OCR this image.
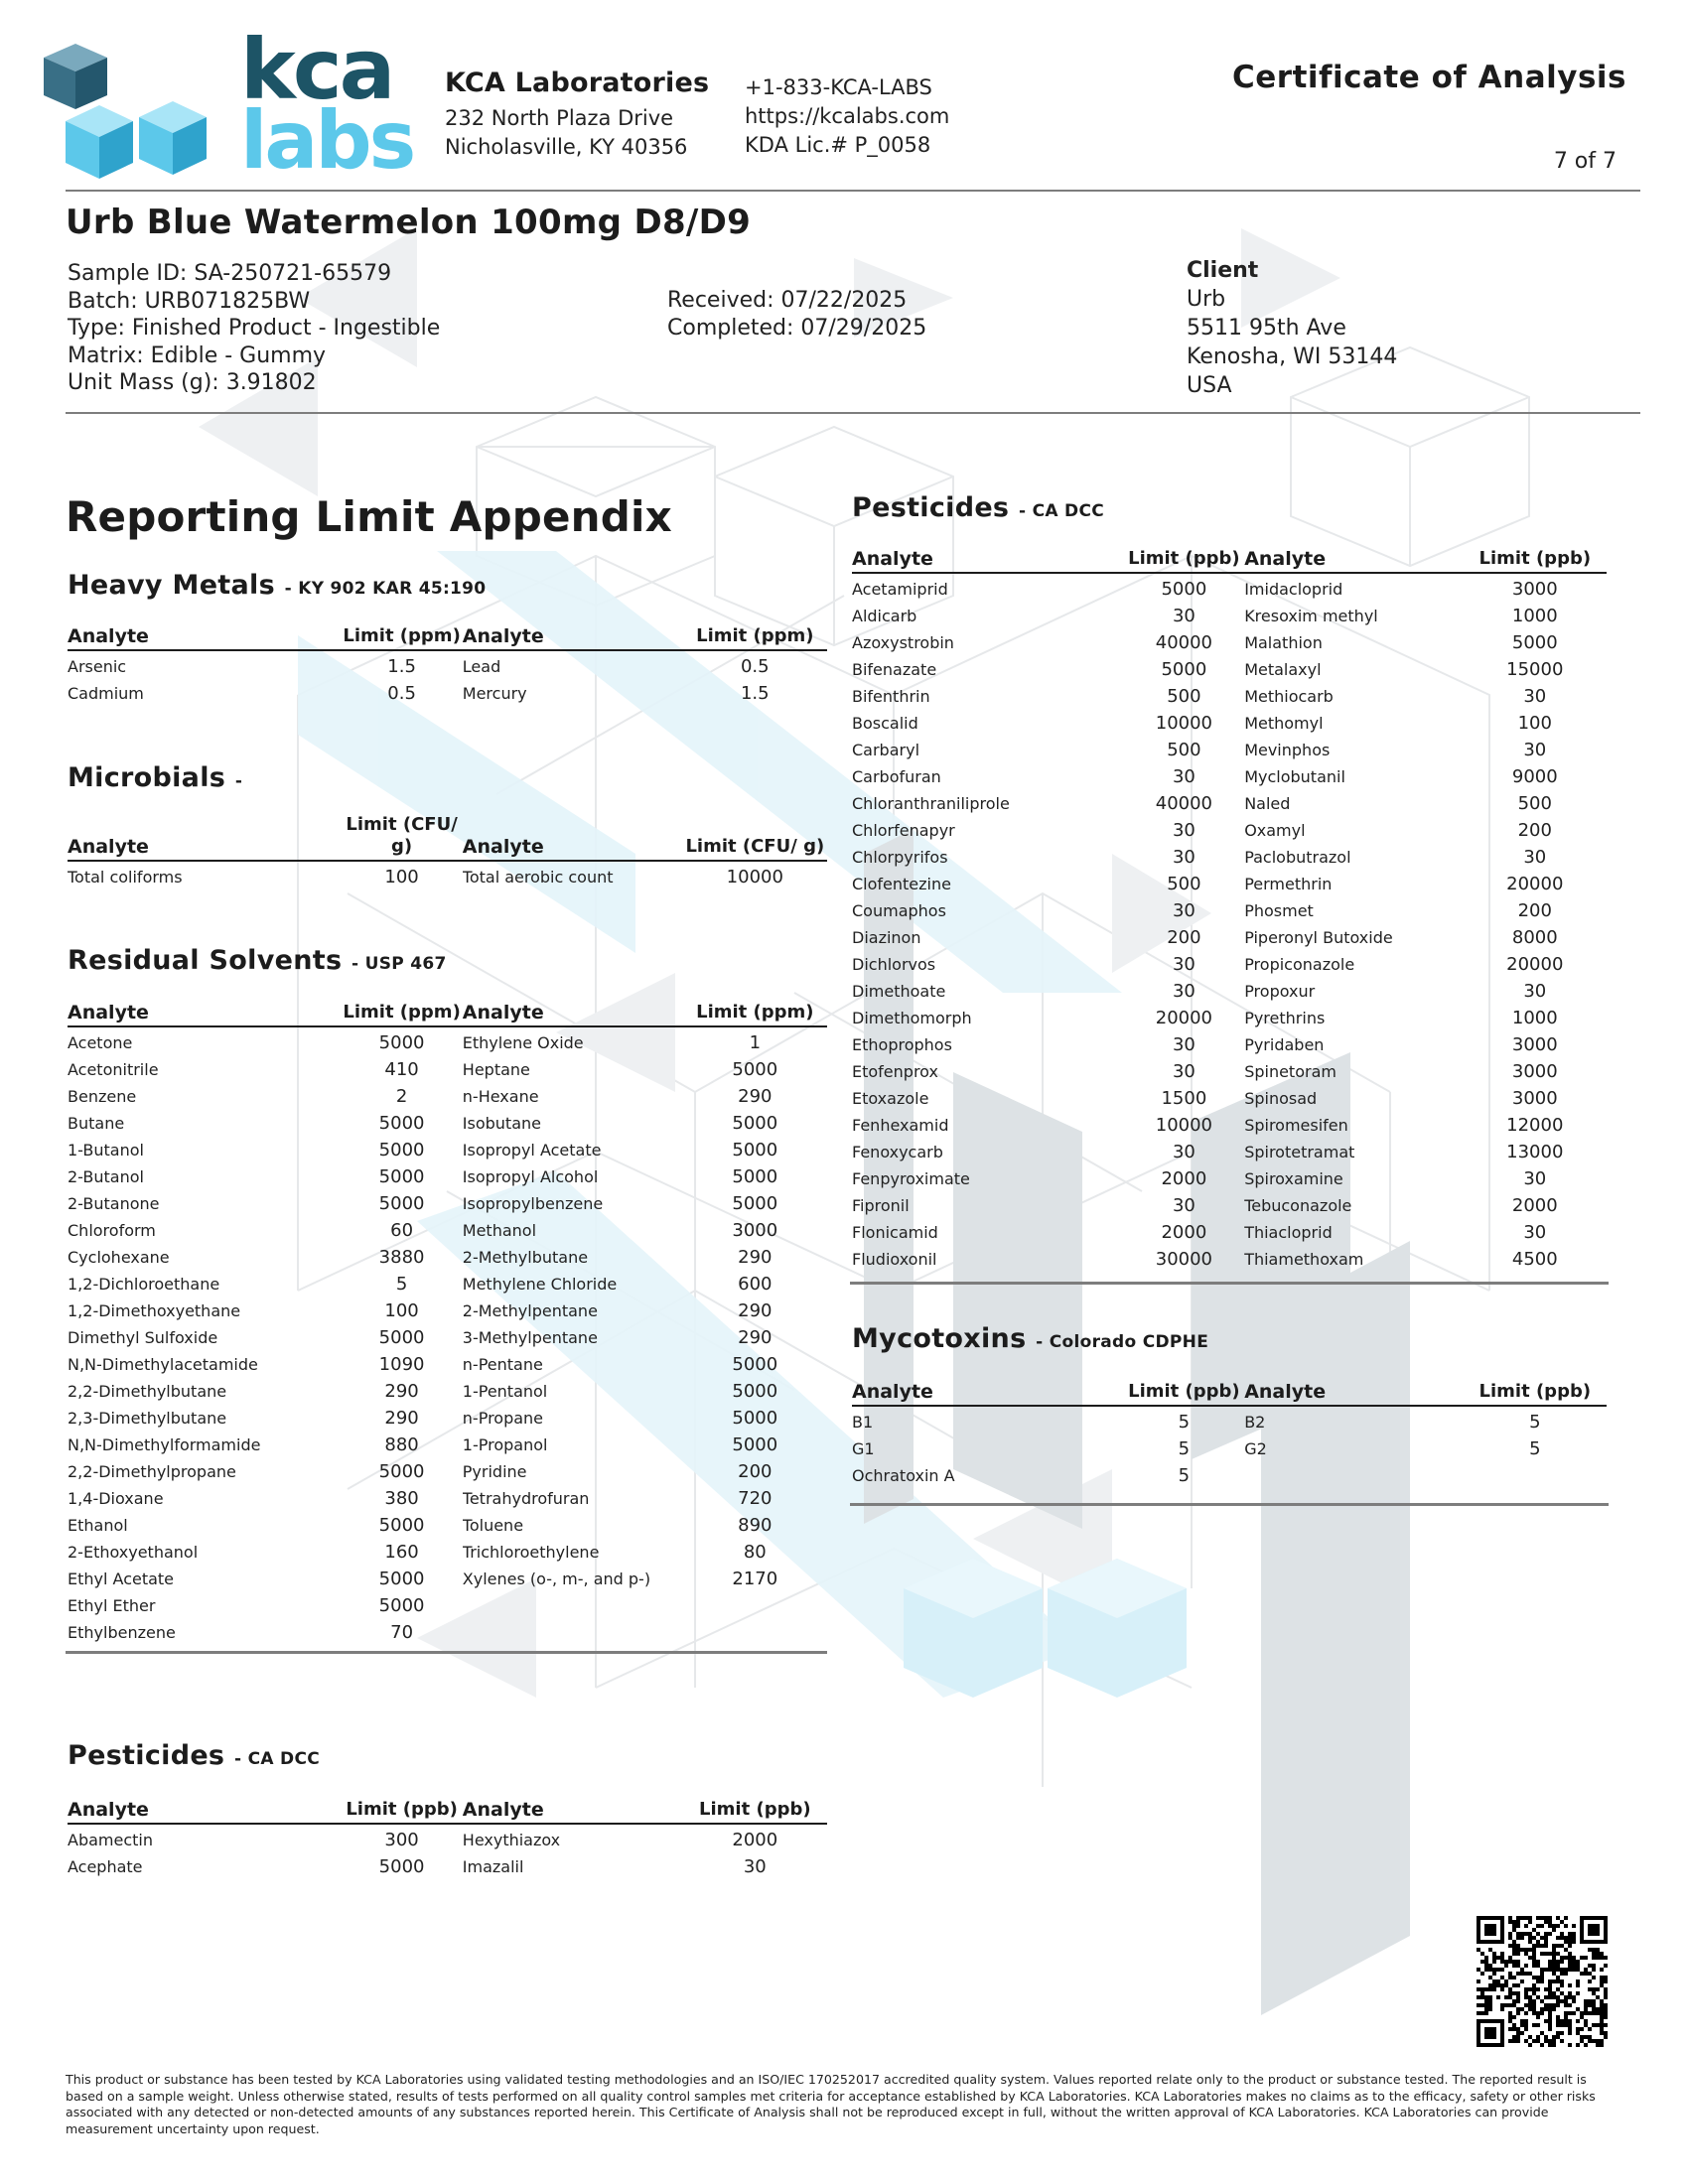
kca
labs
KCA Laboratories
232 North Plaza Drive
Nicholasville, KY 40356
+1-833-KCA-LABS
https://kcalabs.com
KDA Lic.# P_0058
Certificate of Analysis
7 of 7
Urb Blue Watermelon 100mg D8/D9
Sample ID: SA-250721-65579
Batch: URB071825BW
Type: Finished Product - Ingestible
Matrix: Edible - Gummy
Unit Mass (g): 3.91802
Received: 07/22/2025
Completed: 07/29/2025
Client
Urb
5511 95th Ave
Kenosha, WI 53144
USA
Reporting Limit Appendix
Heavy Metals - KY 902 KAR 45:190
Analyte	Limit (ppm)	Analyte	Limit (ppm)
Arsenic	1.5	Lead	0.5
Cadmium	0.5	Mercury	1.5
Microbials -
Analyte	Limit (CFU/ g)	Analyte	Limit (CFU/ g)
Total coliforms	100	Total aerobic count	10000
Residual Solvents - USP 467
Analyte	Limit (ppm)	Analyte	Limit (ppm)
Acetone	5000	Ethylene Oxide	1
Acetonitrile	410	Heptane	5000
Benzene	2	n-Hexane	290
Butane	5000	Isobutane	5000
1-Butanol	5000	Isopropyl Acetate	5000
2-Butanol	5000	Isopropyl Alcohol	5000
2-Butanone	5000	Isopropylbenzene	5000
Chloroform	60	Methanol	3000
Cyclohexane	3880	2-Methylbutane	290
1,2-Dichloroethane	5	Methylene Chloride	600
1,2-Dimethoxyethane	100	2-Methylpentane	290
Dimethyl Sulfoxide	5000	3-Methylpentane	290
N,N-Dimethylacetamide	1090	n-Pentane	5000
2,2-Dimethylbutane	290	1-Pentanol	5000
2,3-Dimethylbutane	290	n-Propane	5000
N,N-Dimethylformamide	880	1-Propanol	5000
2,2-Dimethylpropane	5000	Pyridine	200
1,4-Dioxane	380	Tetrahydrofuran	720
Ethanol	5000	Toluene	890
2-Ethoxyethanol	160	Trichloroethylene	80
Ethyl Acetate	5000	Xylenes (o-, m-, and p-)	2170
Ethyl Ether	5000		
Ethylbenzene	70		
Pesticides - CA DCC
Analyte	Limit (ppb)	Analyte	Limit (ppb)
Abamectin	300	Hexythiazox	2000
Acephate	5000	Imazalil	30
Pesticides - CA DCC
Analyte	Limit (ppb)	Analyte	Limit (ppb)
Acetamiprid	5000	Imidacloprid	3000
Aldicarb	30	Kresoxim methyl	1000
Azoxystrobin	40000	Malathion	5000
Bifenazate	5000	Metalaxyl	15000
Bifenthrin	500	Methiocarb	30
Boscalid	10000	Methomyl	100
Carbaryl	500	Mevinphos	30
Carbofuran	30	Myclobutanil	9000
Chloranthraniliprole	40000	Naled	500
Chlorfenapyr	30	Oxamyl	200
Chlorpyrifos	30	Paclobutrazol	30
Clofentezine	500	Permethrin	20000
Coumaphos	30	Phosmet	200
Diazinon	200	Piperonyl Butoxide	8000
Dichlorvos	30	Propiconazole	20000
Dimethoate	30	Propoxur	30
Dimethomorph	20000	Pyrethrins	1000
Ethoprophos	30	Pyridaben	3000
Etofenprox	30	Spinetoram	3000
Etoxazole	1500	Spinosad	3000
Fenhexamid	10000	Spiromesifen	12000
Fenoxycarb	30	Spirotetramat	13000
Fenpyroximate	2000	Spiroxamine	30
Fipronil	30	Tebuconazole	2000
Flonicamid	2000	Thiacloprid	30
Fludioxonil	30000	Thiamethoxam	4500
Mycotoxins - Colorado CDPHE
Analyte	Limit (ppb)	Analyte	Limit (ppb)
B1	5	B2	5
G1	5	G2	5
Ochratoxin A	5		
This product or substance has been tested by KCA Laboratories using validated testing methodologies and an ISO/IEC 170252017 accredited quality system. Values reported relate only to the product or substance tested. The reported result is based on a sample weight. Unless otherwise stated, results of tests performed on all quality control samples met criteria for acceptance established by KCA Laboratories. KCA Laboratories makes no claims as to the efficacy, safety or other risks associated with any detected or non-detected amounts of any substances reported herein. This Certificate of Analysis shall not be reproduced except in full, without the written approval of KCA Laboratories. KCA Laboratories can provide measurement uncertainty upon request.
